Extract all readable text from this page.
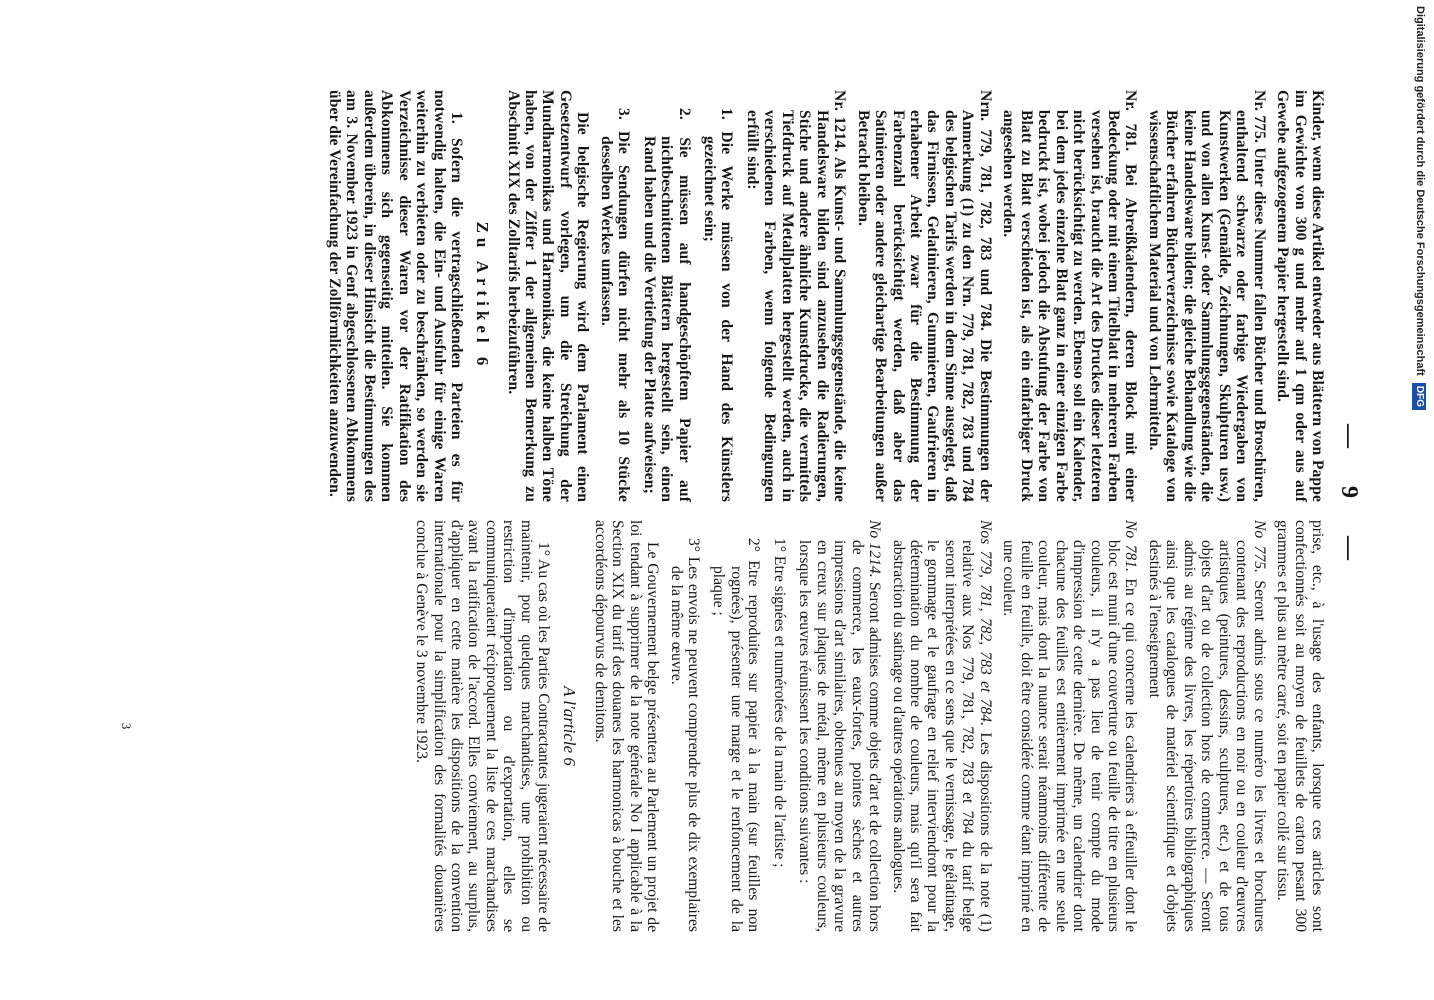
— 9 —

Kinder, wenn diese Artikel entweder aus Blättern von Pappe im Gewichte von 300 g und mehr auf 1 qm oder aus auf Gewebe aufgezogenem Papier hergestellt sind.

Nr. 775. Unter diese Nummer fallen Bücher und Broschüren, enthaltend schwarze oder farbige Wiedergaben von Kunstwerken (Gemälde, Zeichnungen, Skulpturen usw.) und von allen Kunst- oder Sammlungsgegenständen, die keine Handelsware bilden; die gleiche Behandlung wie die Bücher erfahren Bücherverzeichnisse sowie Kataloge von wissenschaftlichem Material und von Lehrmitteln.

Nr. 781. Bei Abreißkalendern, deren Block mit einer Bedeckung oder mit einem Titelblatt in mehreren Farben versehen ist, braucht die Art des Druckes dieser letzteren nicht berücksichtigt zu werden. Ebenso soll ein Kalender, bei dem jedes einzelne Blatt ganz in einer einzigen Farbe bedruckt ist, wobei jedoch die Abstufung der Farbe von Blatt zu Blatt verschieden ist, als ein einfarbiger Druck angesehen werden.

Nrn. 779, 781, 782, 783 und 784. Die Bestimmungen der Anmerkung (1) zu den Nrn. 779, 781, 782, 783 und 784 des belgischen Tarifs werden in dem Sinne ausgelegt, daß das Firnissen, Gelatinieren, Gummieren, Gaufrieren in erhabener Arbeit zwar für die Bestimmung der Farbenzahl berücksichtigt werden, daß aber das Satinieren oder andere gleichartige Bearbeitungen außer Betracht bleiben.

Nr. 1214. Als Kunst- und Sammlungsgegenstände, die keine Handelsware bilden sind anzusehen die Radierungen, Stiche und andere ähnliche Kunstdrucke, die vermittels Tiefdruck auf Metallplatten hergestellt werden, auch in verschiedenen Farben, wenn folgende Bedingungen erfüllt sind:

1. Die Werke müssen von der Hand des Künstlers gezeichnet sein;
2. Sie müssen auf handgeschöpftem Papier auf nichtbeschnittenen Blättern hergestellt sein, einen Rand haben und die Vertiefung der Platte aufweisen;
3. Die Sendungen dürfen nicht mehr als 10 Stücke desselben Werkes umfassen.

Die belgische Regierung wird dem Parlament einen Gesetzentwurf vorlegen, um die Streichung der Mundharmonikas und Harmonikas, die keine halben Töne haben, von der Ziffer 1 der allgemeinen Bemerkung zu Abschnitt XIX des Zolltarifs herbeizuführen.

Zu Artikel 6

1. Sofern die vertragschließenden Parteien es für notwendig halten, die Ein- und Ausfuhr für einige Waren weiterhin zu verbieten oder zu beschränken, so werden sie Verzeichnisse dieser Waren vor der Ratifikation des Abkommens sich gegenseitig mitteilen. Sie kommen außerdem überein, in dieser Hinsicht die Bestimmungen des am 3. November 1923 in Genf abgeschlossenen Abkommens über die Vereinfachung der Zollförmlichkeiten anzuwenden.

prise, etc., à l'usage des enfants, lorsque ces articles sont confectionnés soit au moyen de feuillets de carton pesant 300 grammes et plus au mètre carré, soit en papier collé sur tissu.

No 775. Seront admis sous ce numéro les livres et brochures contenant des reproductions en noir ou en couleur d'œuvres artistiques (peintures, dessins, sculptures, etc.) et de tous objets d'art ou de collection hors de commerce. — Seront admis au régime des livres, les répertoires bibliographiques ainsi que les catalogues de matériel scientifique et d'objets destinés à l'enseignement

No 781. En ce qui concerne les calendriers à effeuiller dont le bloc est muni d'une couverture ou feuille de titre en plusieurs couleurs, il n'y a pas lieu de tenir compte du mode d'impression de cette dernière. De même, un calendrier dont chacune des feuilles est entièrement imprimée en une seule couleur, mais dont la nuance serait néanmoins différente de feuille en feuille, doit être considéré comme étant imprimé en une couleur.

Nos 779, 781, 782, 783 et 784. Les dispositions de la note (1) relative aux Nos 779, 781, 782, 783 et 784 du tarif belge seront interprétées en ce sens que le vernissage, le gélatinage, le gommage et le gaufrage en relief interviendront pour la détermination du nombre de couleurs, mais qu'il sera fait abstraction du satinage ou d'autres opérations analogues.

No 1214. Seront admises comme objets d'art et de collection hors de commerce, les eaux-fortes, pointes sèches et autres impressions d'art similaires, obtenues au moyen de la gravure en creux sur plaques de métal, même en plusieurs couleurs, lorsque les œuvres réunissent les conditions suivantes :

1° Etre signées et numérotées de la main de l'artiste ;
2° Etre reproduites sur papier à la main (sur feuilles non rognées), présenter une marge et le renfoncement de la plaque ;
3° Les envois ne peuvent comprendre plus de dix exemplaires de la même œuvre.

Le Gouvernement belge présentera au Parlement un projet de loi tendant à supprimer de la note générale No I applicable à la Section XIX du tarif des douanes les harmonicas à bouche et les accordéons dépourvus de demitons.

A l'article 6

1° Au cas où les Parties Contractantes jugeraient nécessaire de maintenir, pour quelques marchandises, une prohibition ou restriction d'importation ou d'exportation, elles se communiqueraient réciproquement la liste de ces marchandises avant la ratification de l'accord. Elles conviennent, au surplus, d'appliquer en cette matière les dispositions de la convention internationale pour la simplification des formalités douanières conclue à Genève le 3 novembre 1923.

3
Digitalisierung gefördert durch die Deutsche Forschungsgemeinschaft DFG
